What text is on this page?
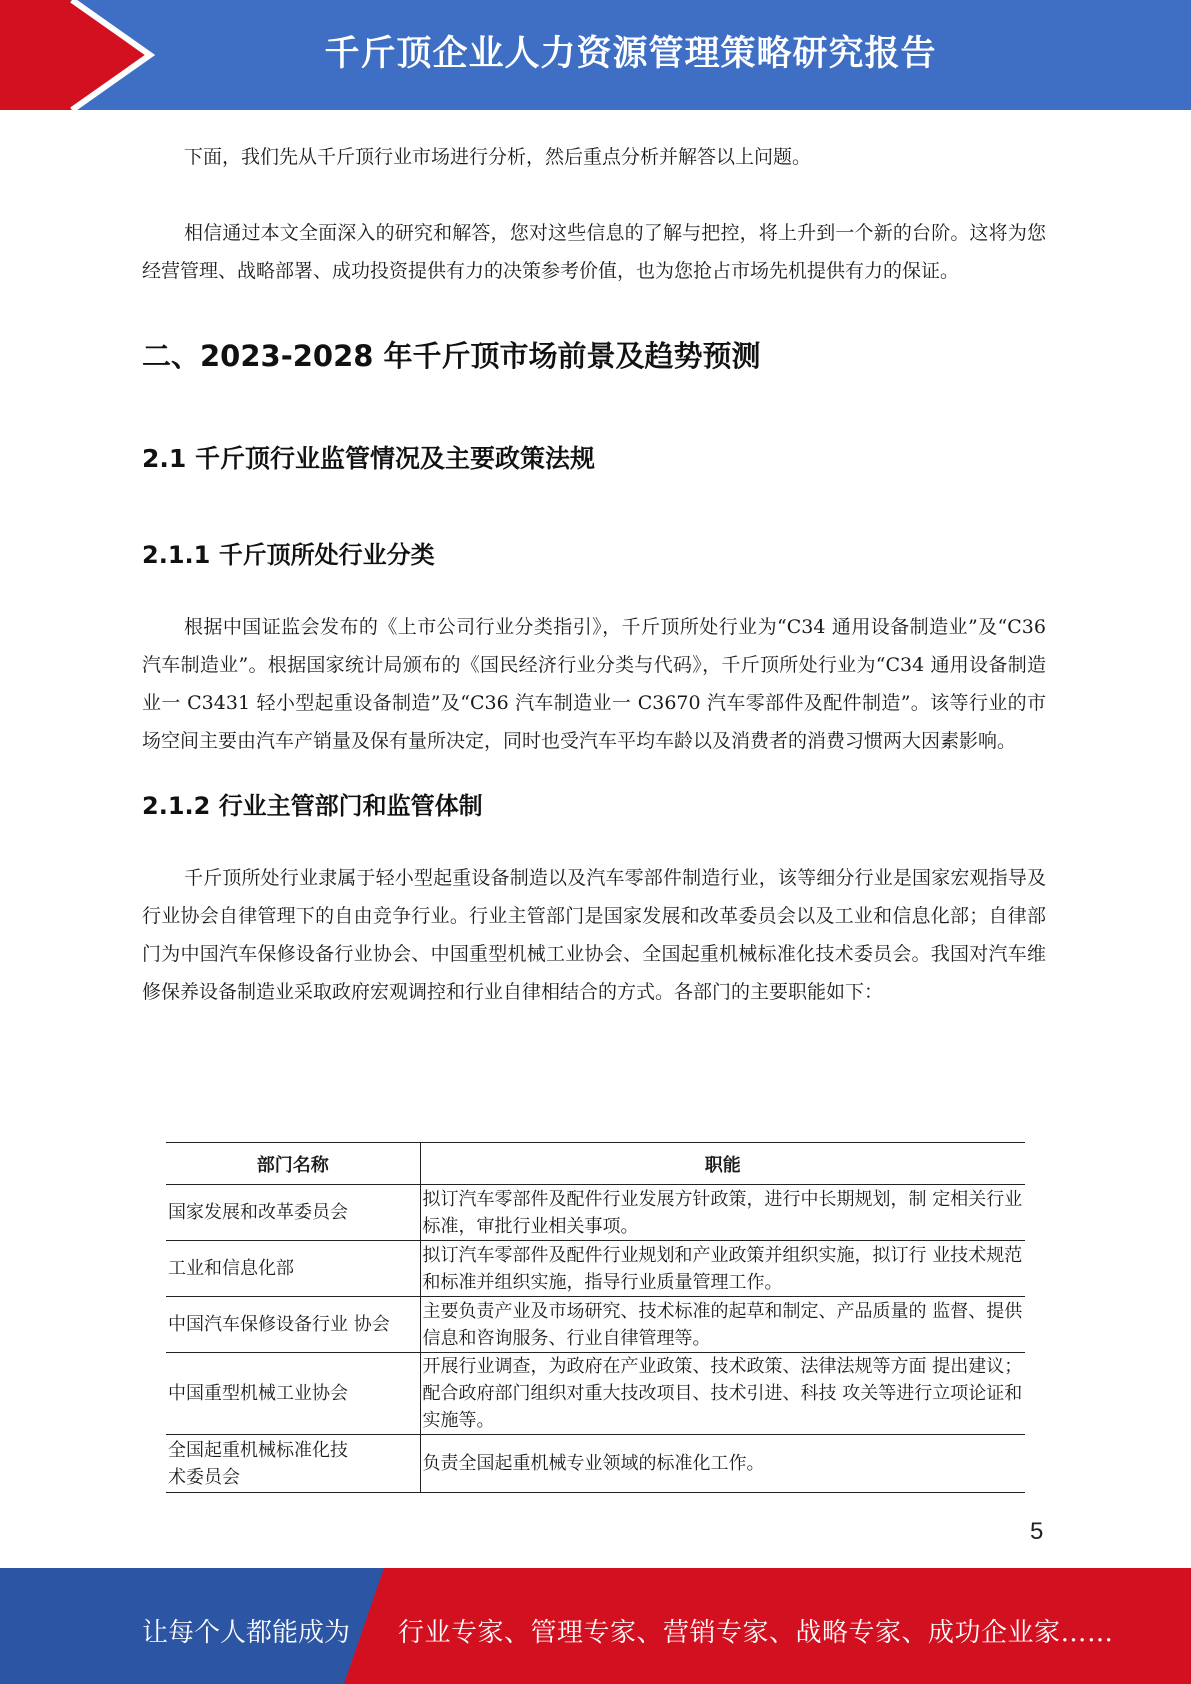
千斤顶企业人力资源管理策略研究报告

下面，我们先从千斤顶行业市场进行分析，然后重点分析并解答以上问题。

相信通过本文全面深入的研究和解答，您对这些信息的了解与把控，将上升到一个新的台阶。这将为您经营管理、战略部署、成功投资提供有力的决策参考价值，也为您抢占市场先机提供有力的保证。

二、2023-2028 年千斤顶市场前景及趋势预测
2.1 千斤顶行业监管情况及主要政策法规
2.1.1 千斤顶所处行业分类

根据中国证监会发布的《上市公司行业分类指引》，千斤顶所处行业为“C34 通用设备制造业”及“C36 汽车制造业”。根据国家统计局颁布的《国民经济行业分类与代码》，千斤顶所处行业为“C34 通用设备制造业一 C3431 轻小型起重设备制造”及“C36 汽车制造业一 C3670 汽车零部件及配件制造”。该等行业的市场空间主要由汽车产销量及保有量所决定，同时也受汽车平均车龄以及消费者的消费习惯两大因素影响。

2.1.2 行业主管部门和监管体制

千斤顶所处行业隶属于轻小型起重设备制造以及汽车零部件制造行业，该等细分行业是国家宏观指导及行业协会自律管理下的自由竞争行业。行业主管部门是国家发展和改革委员会以及工业和信息化部；自律部门为中国汽车保修设备行业协会、中国重型机械工业协会、全国起重机械标准化技术委员会。我国对汽车维修保养设备制造业采取政府宏观调控和行业自律相结合的方式。各部门的主要职能如下：

部门名称	职能
国家发展和改革委员会	拟订汽车零部件及配件行业发展方针政策，进行中长期规划，制 定相关行业标准，审批行业相关事项。
工业和信息化部	拟订汽车零部件及配件行业规划和产业政策并组织实施，拟订行 业技术规范和标准并组织实施，指导行业质量管理工作。
中国汽车保修设备行业 协会	主要负责产业及市场研究、技术标准的起草和制定、产品质量的 监督、提供信息和咨询服务、行业自律管理等。
中国重型机械工业协会	开展行业调查，为政府在产业政策、技术政策、法律法规等方面 提出建议；配合政府部门组织对重大技改项目、技术引进、科技 攻关等进行立项论证和实施等。
全国起重机械标准化技术委员会	负责全国起重机械专业领域的标准化工作。
5
让每个人都能成为 行业专家、管理专家、营销专家、战略专家、成功企业家……
